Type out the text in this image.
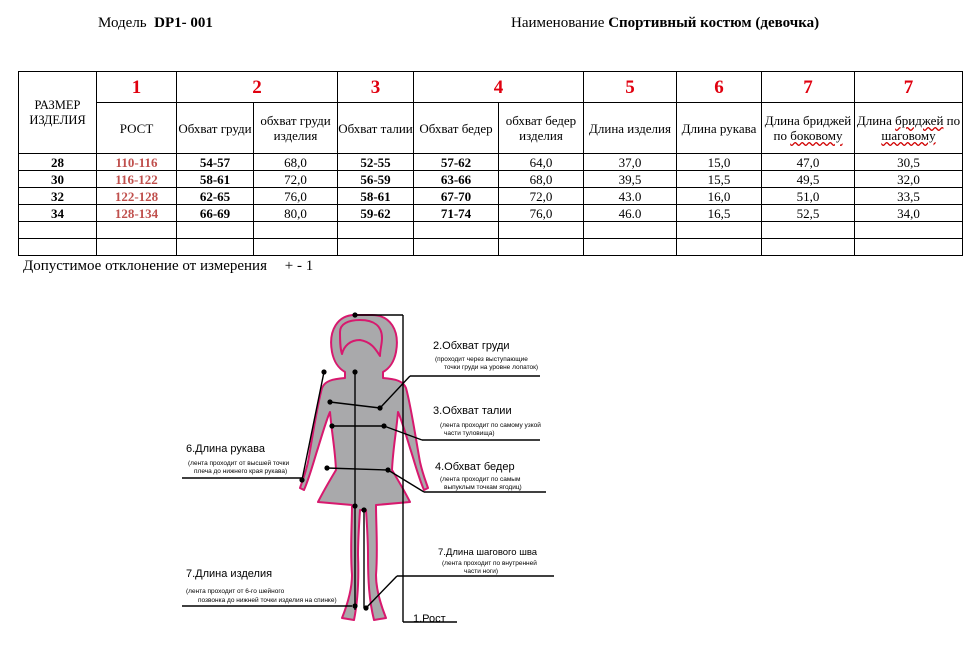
Модель DP1- 001	Наименование Спортивный костюм (девочка)
РАЗМЕР
ИЗДЕЛИЯ	1	2		3	4		5	6	7	7
	РОСТ	Обхват груди	обхват груди изделия	Обхват талии	Обхват бедер	обхват бедер изделия	Длина изделия	Длина рукава	Длина бриджей по боковому	Длина бриджей по шаговому
28	110-116	54-57	68,0	52-55	57-62	64,0	37,0	15,0	47,0	30,5
30	116-122	58-61	72,0	56-59	63-66	68,0	39,5	15,5	49,5	32,0
32	122-128	62-65	76,0	58-61	67-70	72,0	43.0	16,0	51,0	33,5
34	128-134	66-69	80,0	59-62	71-74	76,0	46.0	16,5	52,5	34,0

Допустимое отклонение от измерения + - 1
2.Обхват груди
(проходит через выступающие
точки груди на уровне лопаток)
3.Обхват талии
(лента проходит по самому узкой
части туловища)
4.Обхват бедер
(лента проходит по самым
выпуклым точкам ягодиц)
6.Длина рукава
(лента проходит от высшей точки
плеча до нижнего края рукава)
7.Длина шагового шва
(лента проходит по внутренней
части ноги)
7.Длина изделия
(лента проходит от 6-го шейного
позвонка до нижней точки изделия на спинке)
1.Рост
